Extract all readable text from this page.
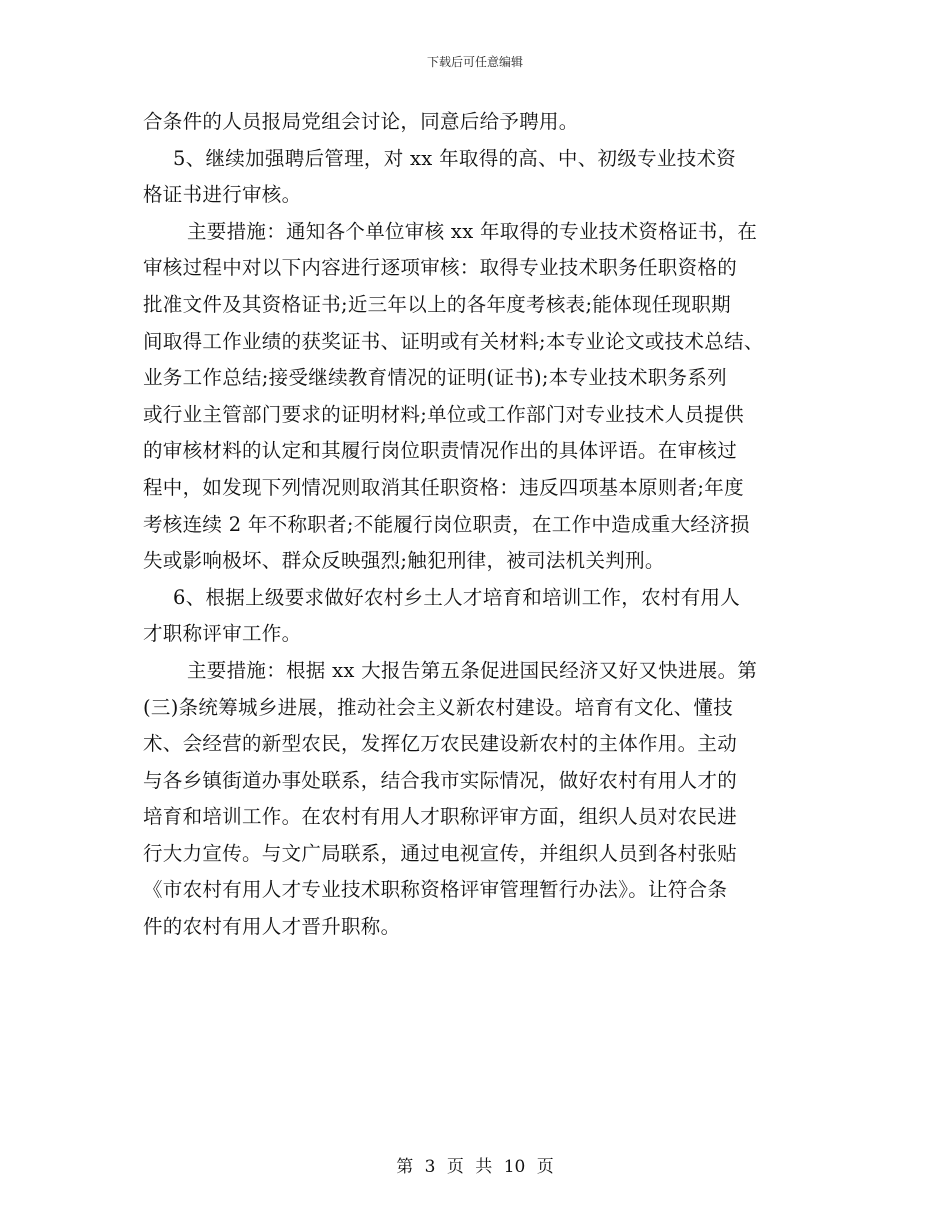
下载后可任意编辑
合条件的人员报局党组会讨论，同意后给予聘用。
5、继续加强聘后管理，对 xx 年取得的高、中、初级专业技术资
格证书进行审核。
主要措施：通知各个单位审核 xx 年取得的专业技术资格证书，在
审核过程中对以下内容进行逐项审核：取得专业技术职务任职资格的
批准文件及其资格证书;近三年以上的各年度考核表;能体现任现职期
间取得工作业绩的获奖证书、证明或有关材料;本专业论文或技术总结、
业务工作总结;接受继续教育情况的证明(证书);本专业技术职务系列
或行业主管部门要求的证明材料;单位或工作部门对专业技术人员提供
的审核材料的认定和其履行岗位职责情况作出的具体评语。在审核过
程中，如发现下列情况则取消其任职资格：违反四项基本原则者;年度
考核连续 2 年不称职者;不能履行岗位职责，在工作中造成重大经济损
失或影响极坏、群众反映强烈;触犯刑律，被司法机关判刑。
6、根据上级要求做好农村乡土人才培育和培训工作，农村有用人
才职称评审工作。
主要措施：根据 xx 大报告第五条促进国民经济又好又快进展。第
(三)条统筹城乡进展，推动社会主义新农村建设。培育有文化、懂技
术、会经营的新型农民，发挥亿万农民建设新农村的主体作用。主动
与各乡镇街道办事处联系，结合我市实际情况，做好农村有用人才的
培育和培训工作。在农村有用人才职称评审方面，组织人员对农民进
行大力宣传。与文广局联系，通过电视宣传，并组织人员到各村张贴
《市农村有用人才专业技术职称资格评审管理暂行办法》。让符合条
件的农村有用人才晋升职称。
第 3 页 共 10 页
